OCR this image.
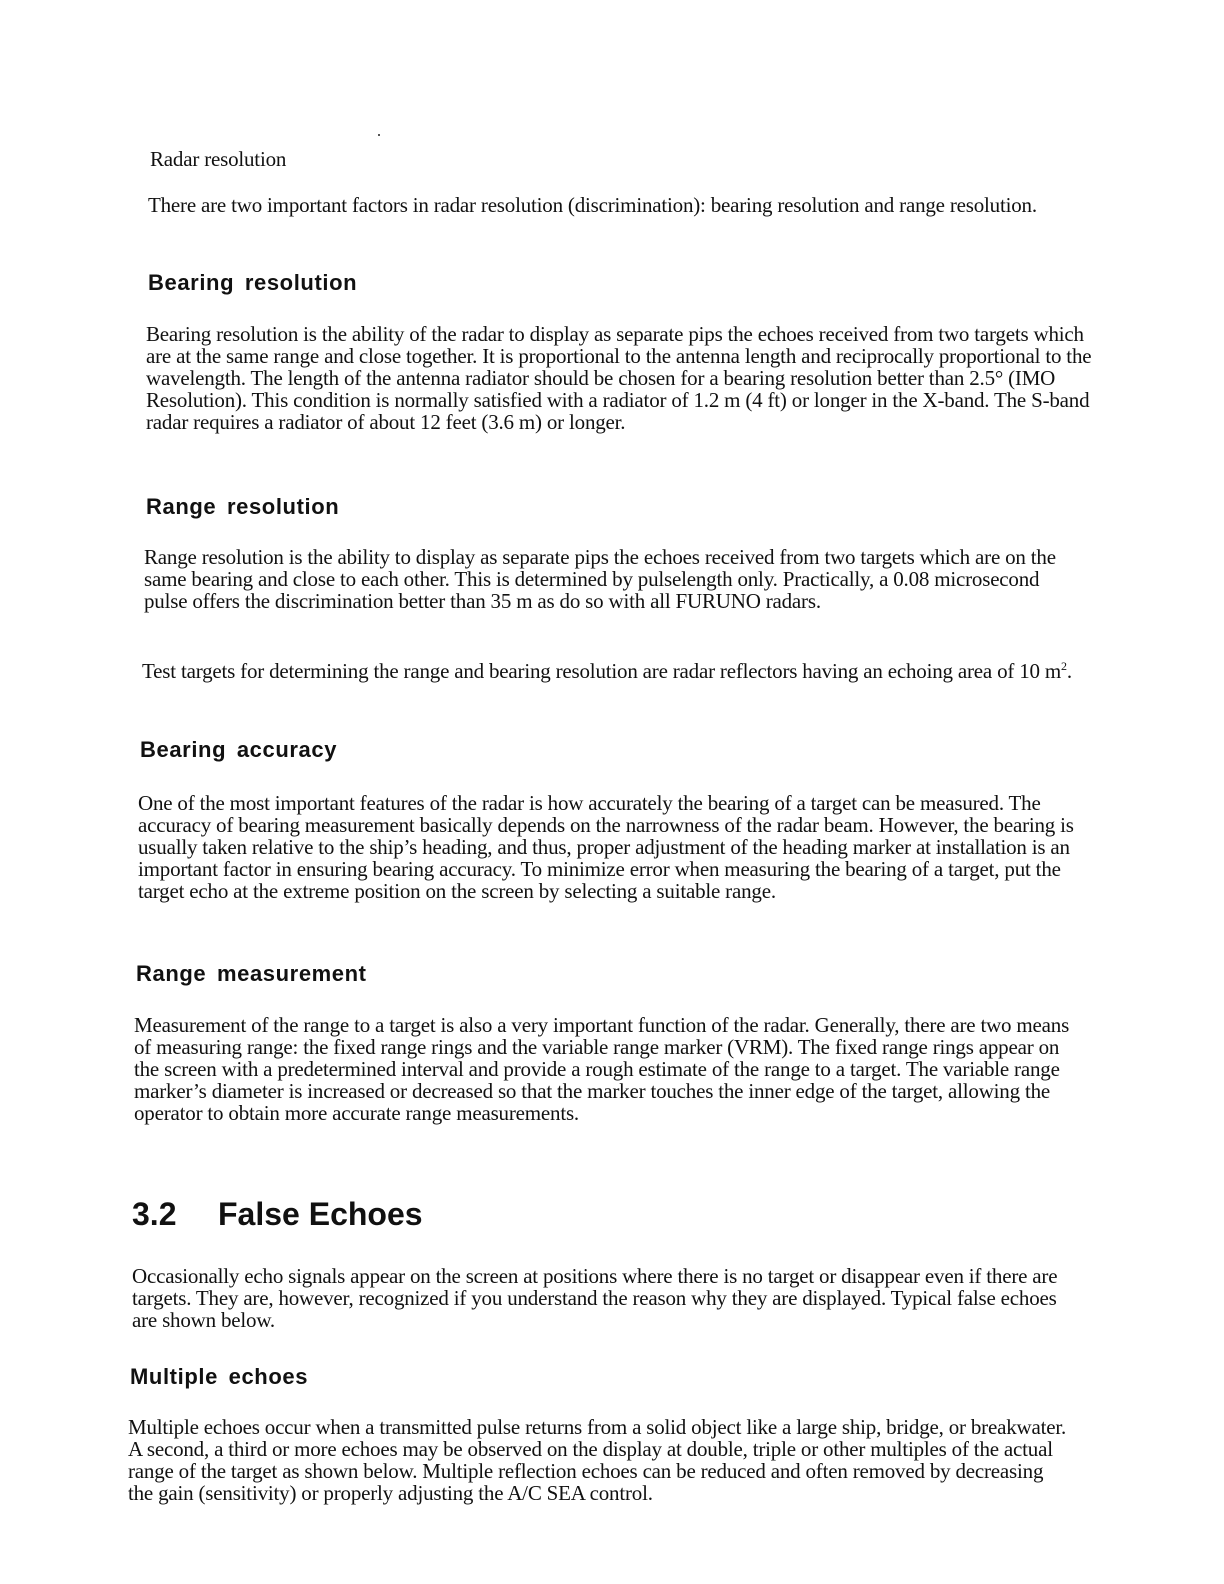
Radar resolution

There are two important factors in radar resolution (discrimination): bearing resolution and range resolution.

Bearing resolution

Bearing resolution is the ability of the radar to display as separate pips the echoes received from two targets which are at the same range and close together. It is proportional to the antenna length and reciprocally proportional to the wavelength. The length of the antenna radiator should be chosen for a bearing resolution better than 2.5° (IMO Resolution). This condition is normally satisfied with a radiator of 1.2 m (4 ft) or longer in the X-band. The S-band radar requires a radiator of about 12 feet (3.6 m) or longer.

Range resolution

Range resolution is the ability to display as separate pips the echoes received from two targets which are on the same bearing and close to each other. This is determined by pulselength only. Practically, a 0.08 microsecond pulse offers the discrimination better than 35 m as do so with all FURUNO radars.

Test targets for determining the range and bearing resolution are radar reflectors having an echoing area of 10 $m^2$.

Bearing accuracy

One of the most important features of the radar is how accurately the bearing of a target can be measured. The accuracy of bearing measurement basically depends on the narrowness of the radar beam. However, the bearing is usually taken relative to the ship’s heading, and thus, proper adjustment of the heading marker at installation is an important factor in ensuring bearing accuracy. To minimize error when measuring the bearing of a target, put the target echo at the extreme position on the screen by selecting a suitable range.

Range measurement

Measurement of the range to a target is also a very important function of the radar. Generally, there are two means of measuring range: the fixed range rings and the variable range marker (VRM). The fixed range rings appear on the screen with a predetermined interval and provide a rough estimate of the range to a target. The variable range marker’s diameter is increased or decreased so that the marker touches the inner edge of the target, allowing the operator to obtain more accurate range measurements.

3.2 False Echoes

Occasionally echo signals appear on the screen at positions where there is no target or disappear even if there are targets. They are, however, recognized if you understand the reason why they are displayed. Typical false echoes are shown below.

Multiple echoes

Multiple echoes occur when a transmitted pulse returns from a solid object like a large ship, bridge, or breakwater. A second, a third or more echoes may be observed on the display at double, triple or other multiples of the actual range of the target as shown below. Multiple reflection echoes can be reduced and often removed by decreasing the gain (sensitivity) or properly adjusting the A/C SEA control.
